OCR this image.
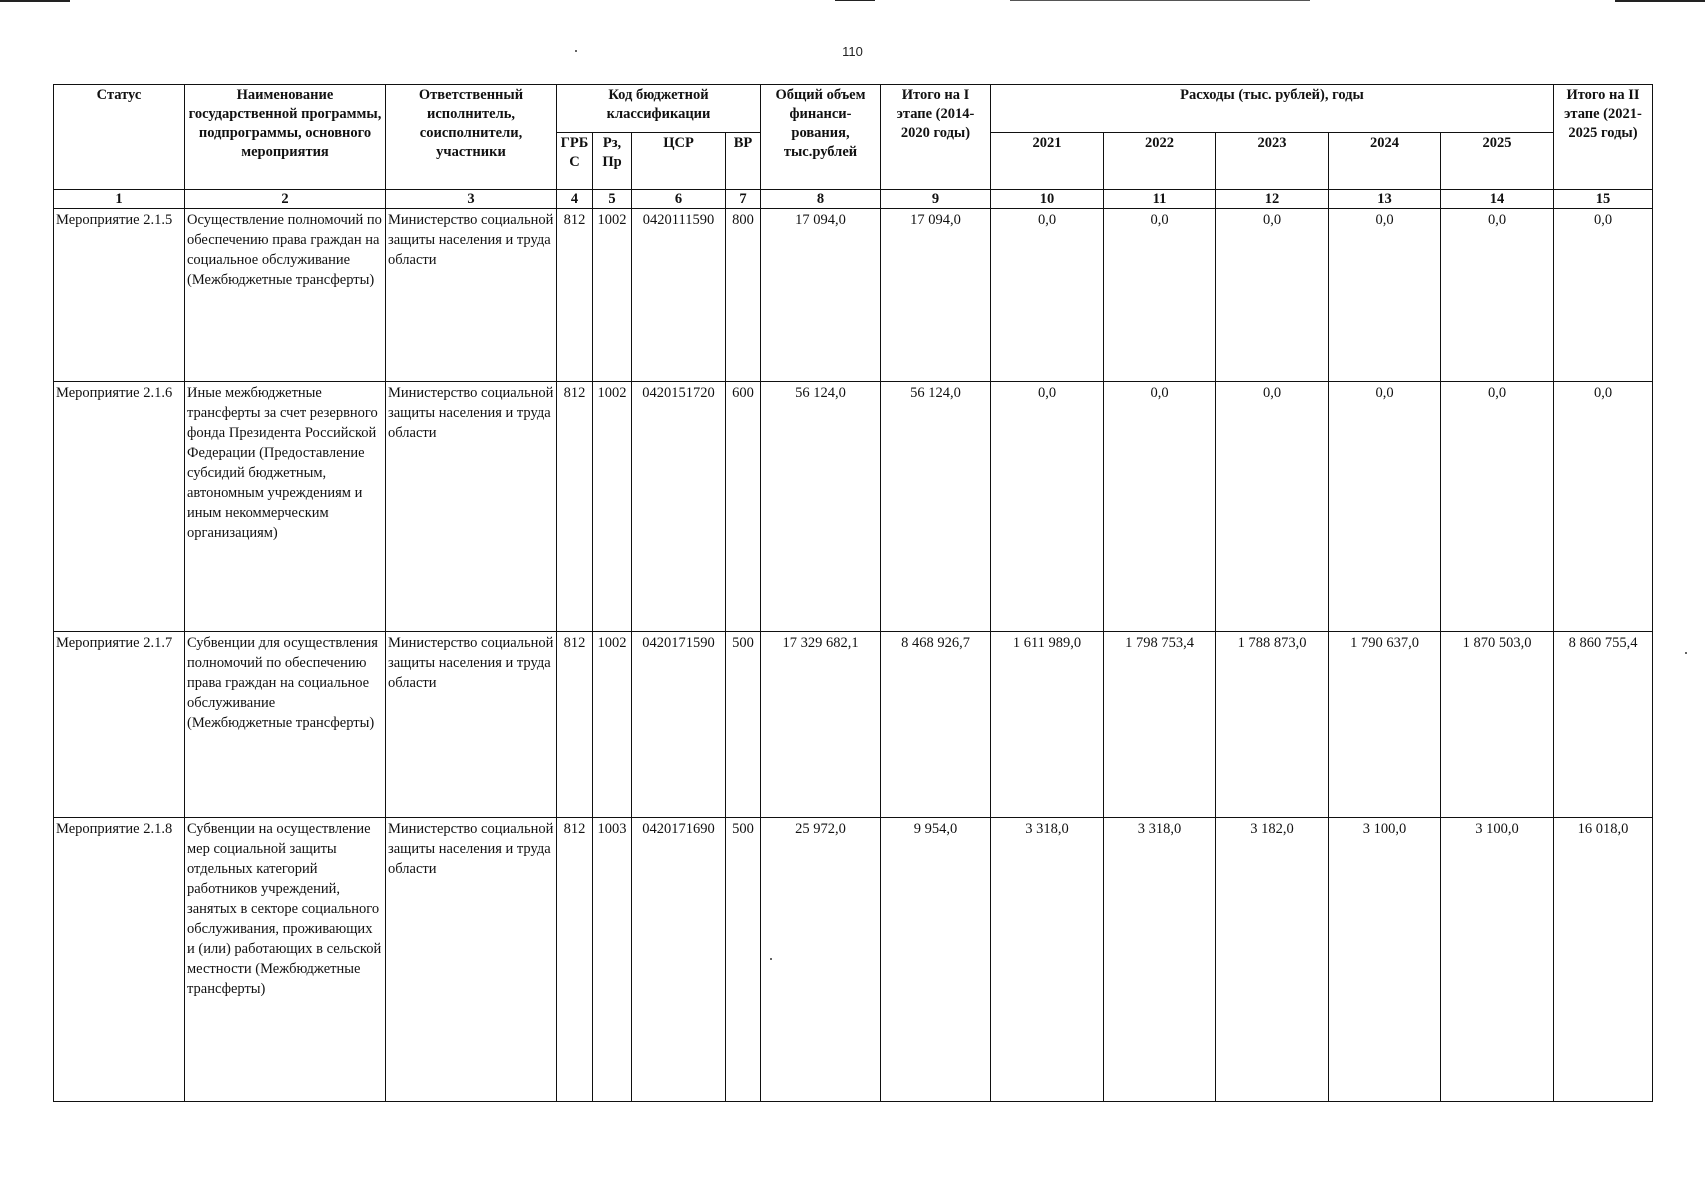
110
Статус	Наименование государственной программы, подпрограммы, основного мероприятия	Ответственный исполнитель, соисполнители, участники	Код бюджетной классификации				Общий объем финанси- рования, тыс.рублей	Итого на I этапе (2014-2020 годы)	Расходы (тыс. рублей), годы					Итого на II этапе (2021- 2025 годы)
			ГРБ С	Рз, Пр	ЦСР	ВР			2021	2022	2023	2024	2025	
1	2	3	4	5	6	7	8	9	10	11	12	13	14	15
Мероприятие 2.1.5	Осуществление полномочий по обеспечению права граждан на социальное обслуживание (Межбюджетные трансферты)	Министерство социальной защиты населения и труда области	812	1002	0420111590	800	17 094,0	17 094,0	0,0	0,0	0,0	0,0	0,0	0,0
Мероприятие 2.1.6	Иные межбюджетные трансферты за счет резервного фонда Президента Российской Федерации (Предоставление субсидий бюджетным, автономным учреждениям и иным некоммерческим организациям)	Министерство социальной защиты населения и труда области	812	1002	0420151720	600	56 124,0	56 124,0	0,0	0,0	0,0	0,0	0,0	0,0
Мероприятие 2.1.7	Субвенции для осуществления полномочий по обеспечению права граждан на социальное обслуживание (Межбюджетные трансферты)	Министерство социальной защиты населения и труда области	812	1002	0420171590	500	17 329 682,1	8 468 926,7	1 611 989,0	1 798 753,4	1 788 873,0	1 790 637,0	1 870 503,0	8 860 755,4
Мероприятие 2.1.8	Субвенции на осуществление мер социальной защиты отдельных категорий работников учреждений, занятых в секторе социального обслуживания, проживающих и (или) работающих в сельской местности (Межбюджетные трансферты)	Министерство социальной защиты населения и труда области	812	1003	0420171690	500	25 972,0	9 954,0	3 318,0	3 318,0	3 182,0	3 100,0	3 100,0	16 018,0
